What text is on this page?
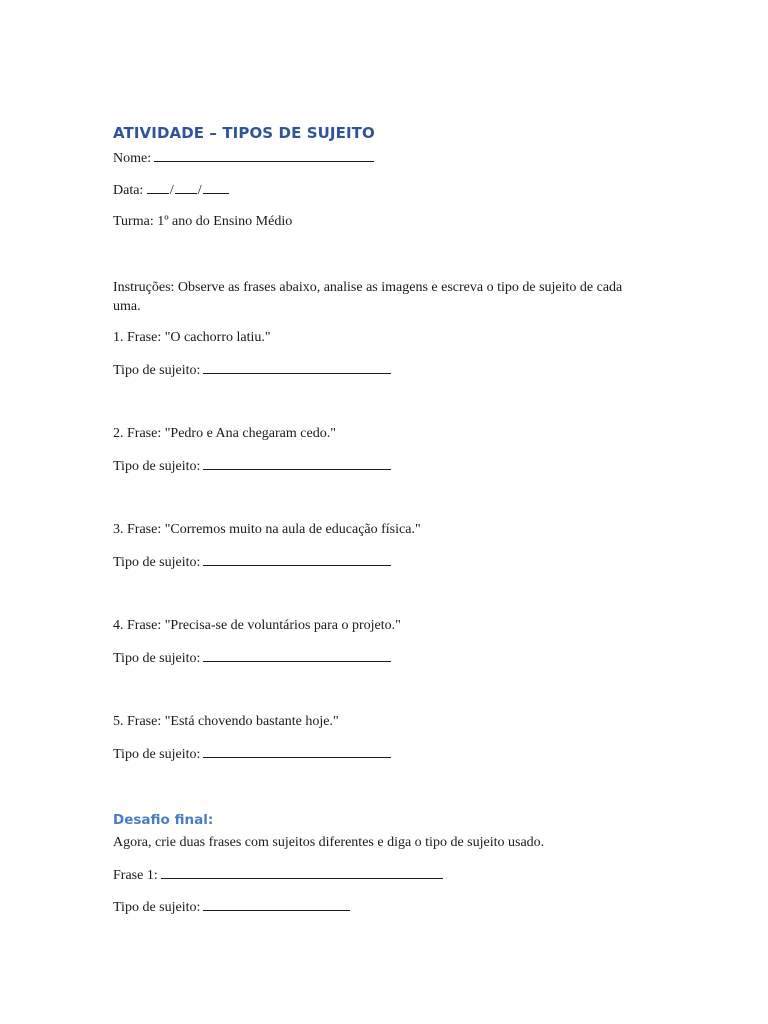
ATIVIDADE – TIPOS DE SUJEITO
Nome:
Data: / /
Turma: 1º ano do Ensino Médio
Instruções: Observe as frases abaixo, analise as imagens e escreva o tipo de sujeito de cada uma.
1. Frase: "O cachorro latiu."
Tipo de sujeito:
2. Frase: "Pedro e Ana chegaram cedo."
Tipo de sujeito:
3. Frase: "Corremos muito na aula de educação física."
Tipo de sujeito:
4. Frase: "Precisa-se de voluntários para o projeto."
Tipo de sujeito:
5. Frase: "Está chovendo bastante hoje."
Tipo de sujeito:
Desafio final:
Agora, crie duas frases com sujeitos diferentes e diga o tipo de sujeito usado.
Frase 1:
Tipo de sujeito:
